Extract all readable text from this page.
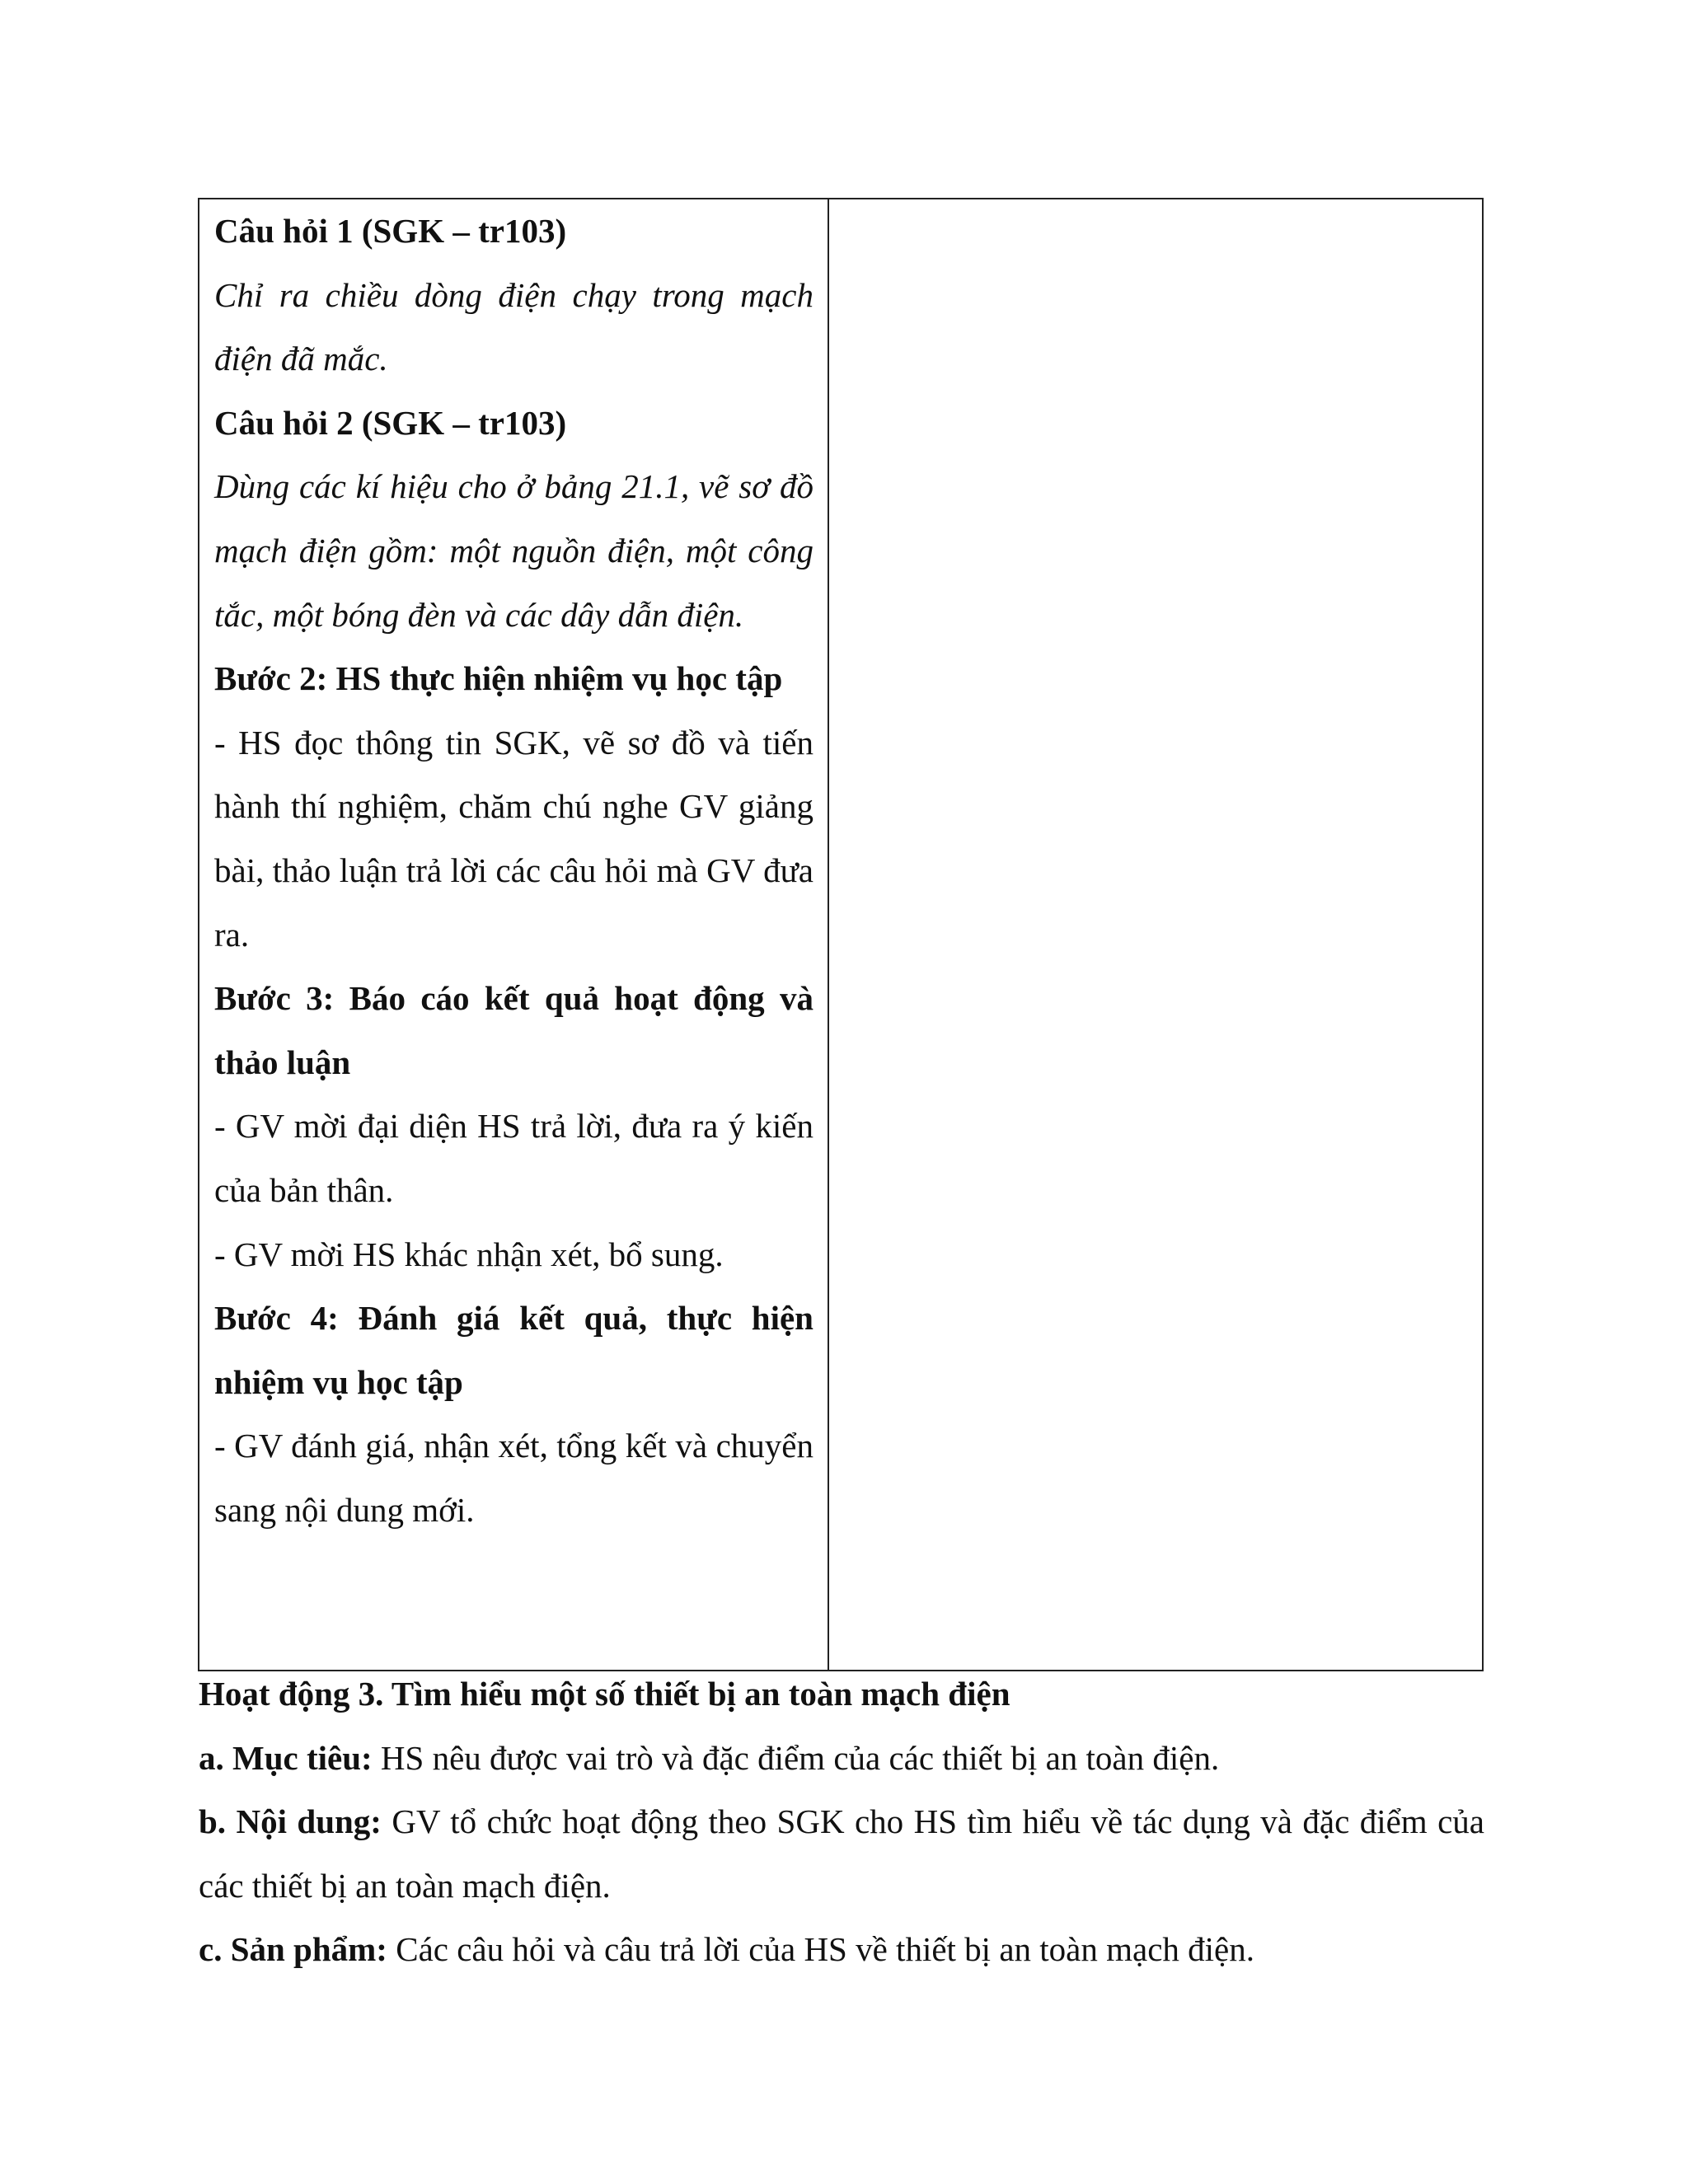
Câu hỏi 1 (SGK – tr103)

Chỉ ra chiều dòng điện chạy trong mạch điện đã mắc.

Câu hỏi 2 (SGK – tr103)

Dùng các kí hiệu cho ở bảng 21.1, vẽ sơ đồ mạch điện gồm: một nguồn điện, một công tắc, một bóng đèn và các dây dẫn điện.

Bước 2: HS thực hiện nhiệm vụ học tập

- HS đọc thông tin SGK, vẽ sơ đồ và tiến hành thí nghiệm, chăm chú nghe GV giảng bài, thảo luận trả lời các câu hỏi mà GV đưa ra.

Bước 3: Báo cáo kết quả hoạt động và thảo luận

- GV mời đại diện HS trả lời, đưa ra ý kiến của bản thân.

- GV mời HS khác nhận xét, bổ sung.

Bước 4: Đánh giá kết quả, thực hiện nhiệm vụ học tập

- GV đánh giá, nhận xét, tổng kết và chuyển sang nội dung mới.

Hoạt động 3. Tìm hiểu một số thiết bị an toàn mạch điện

a. Mục tiêu: HS nêu được vai trò và đặc điểm của các thiết bị an toàn điện.

b. Nội dung: GV tổ chức hoạt động theo SGK cho HS tìm hiểu về tác dụng và đặc điểm của các thiết bị an toàn mạch điện.

c. Sản phẩm: Các câu hỏi và câu trả lời của HS về thiết bị an toàn mạch điện.
